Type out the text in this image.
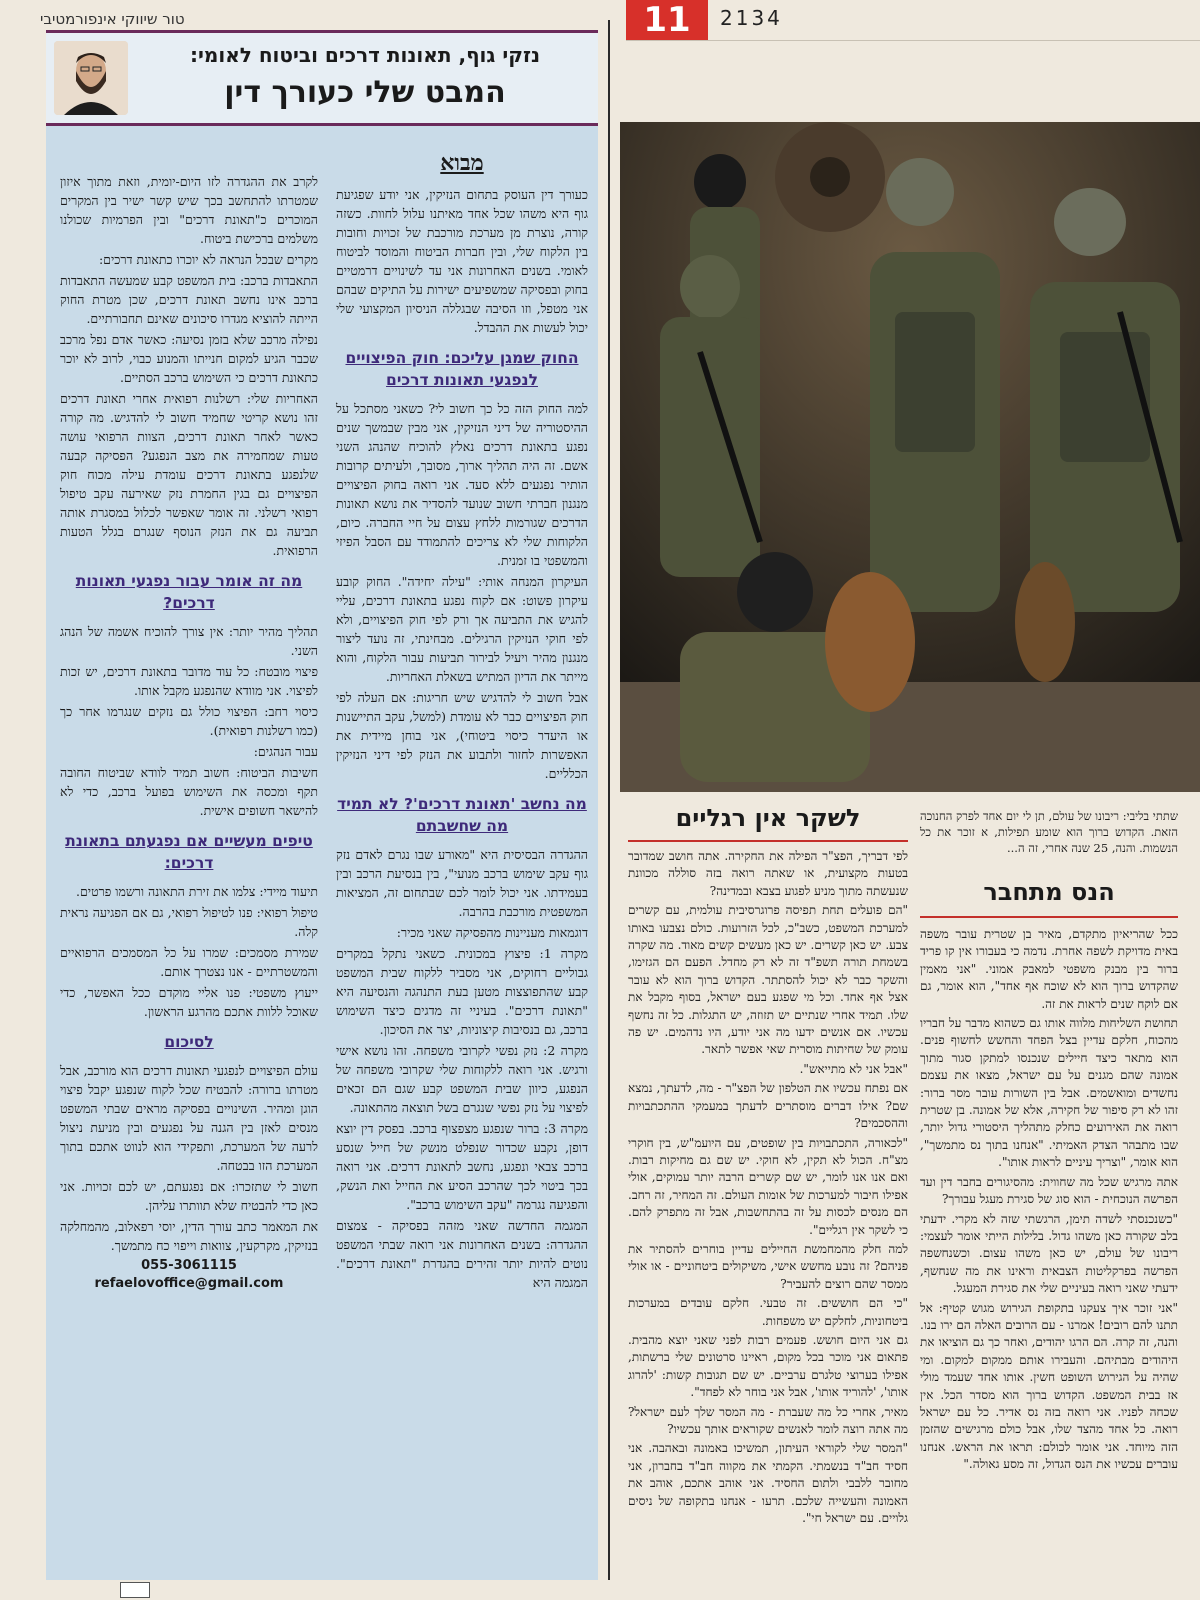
טור שיווקי אינפורמטיבי	11	2134
נזקי גוף, תאונות דרכים וביטוח לאומי:
המבט שלי כעורך דין
מבוא

כעורך דין העוסק בתחום הנזיקין, אני יודע שפגיעת גוף היא משהו שכל אחד מאיתנו עלול לחוות. כשזה קורה, נוצרת מן מערכת מורכבת של זכויות וחובות בין הלקוח שלי, ובין חברות הביטוח והמוסד לביטוח לאומי. בשנים האחרונות אני עד לשינויים דרמטיים בחוק ובפסיקה שמשפיעים ישירות על התיקים שבהם אני מטפל, וזו הסיבה שבגללה הניסיון המקצועי שלי יכול לעשות את ההבדל.

החוק שמגן עליכם: חוק הפיצויים לנפגעי תאונות דרכים

למה החוק הזה כל כך חשוב לי? כשאני מסתכל על ההיסטוריה של דיני הנזיקין, אני מבין שבמשך שנים נפגע בתאונת דרכים נאלץ להוכיח שהנהג השני אשם. זה היה תהליך ארוך, מסובך, ולעיתים קרובות הותיר נפגעים ללא סעד. אני רואה בחוק הפיצויים מנגנון חברתי חשוב שנועד להסדיר את נושא תאונות הדרכים שגורמות ללחץ עצום על חיי החברה. כיום, הלקוחות שלי לא צריכים להתמודד עם הסבל הפיזי והמשפטי בו זמנית.

העיקרון המנחה אותי: "עילה יחידה". החוק קובע עיקרון פשוט: אם לקוח נפגע בתאונת דרכים, עליי להגיש את התביעה אך ורק לפי חוק הפיצויים, ולא לפי חוקי הנזיקין הרגילים. מבחינתי, זה נועד ליצור מנגנון מהיר ויעיל לבירור תביעות עבור הלקוח, והוא מייתר את הדיון המתיש בשאלת האחריות.

אבל חשוב לי להדגיש שיש חריגות: אם העלה לפי חוק הפיצויים כבר לא עומדת (למשל, עקב התיישנות או היעדר כיסוי ביטוחי), אני בוחן מיידית את האפשרות לחזור ולתבוע את הנזק לפי דיני הנזיקין הכלליים.

מה נחשב 'תאונת דרכים'? לא תמיד מה שחשבתם

ההגדרה הבסיסית היא "מאורע שבו נגרם לאדם נזק גוף עקב שימוש ברכב מנועי", בין בנסיעת הרכב ובין בעמידתו. אני יכול לומר לכם שבתחום זה, המציאות המשפטית מורכבת בהרבה.

דוגמאות מעניינות מהפסיקה שאני מכיר:

מקרה 1: פיצוץ במכונית. כשאני נתקל במקרים גבוליים רחוקים, אני מסביר ללקוח שבית המשפט קבע שהתפוצצות מטען בעת התנהגה והנסיעה היא "תאונת דרכים". בעיניי זה מדגים כיצד השימוש ברכב, גם בנסיבות קיצוניות, יצר את הסיכון.

מקרה 2: נזק נפשי לקרובי משפחה. זהו נושא אישי ורגיש. אני רואה ללקוחות שלי שקרובי משפחה של הנפגע, כיוון שבית המשפט קבע שגם הם זכאים לפיצוי על נזק נפשי שנגרם בשל תוצאה מהתאונה.

מקרה 3: ברור שנפגע מצפצוף ברכב. בפסק דין יוצא דופן, נקבע שכדור שנפלט מנשק של חייל שנסע ברכב צבאי ונפגע, נחשב לתאונת דרכים. אני רואה בכך ביטוי לכך שהרכב הסיע את החייל ואת הנשק, והפגיעה נגרמה "עקב השימוש ברכב".

המגמה החדשה שאני מזהה בפסיקה - צמצום ההגדרה: בשנים האחרונות אני רואה שבתי המשפט נוטים להיות יותר זהירים בהגדרת "תאונת דרכים". המגמה היא

לקרב את ההגדרה לזו היום-יומית, וזאת מתוך איזון שמטרתו להתחשב בכך שיש קשר ישיר בין המקרים המוכרים כ"תאונת דרכים" ובין הפרמיות שכולנו משלמים ברכישת ביטוח.

מקרים שבכל הנראה לא יוכרו כתאונת דרכים:

התאבדות ברכב: בית המשפט קבע שמעשה התאבדות ברכב אינו נחשב תאונת דרכים, שכן מטרת החוק הייתה להוציא מגדרו סיכונים שאינם תחבורתיים.

נפילה מרכב שלא בזמן נסיעה: כאשר אדם נפל מרכב שכבר הגיע למקום חנייתו והמנוע כבוי, לרוב לא יוכר כתאונת דרכים כי השימוש ברכב הסתיים.

האחריות שלי: רשלנות רפואית אחרי תאונת דרכים זהו נושא קריטי שחמיד חשוב לי להדגיש. מה קורה כאשר לאחר תאונת דרכים, הצוות הרפואי עושה טעות שמחמירה את מצב הנפגע? הפסיקה קבעה שלנפגע בתאונת דרכים עומדת עילה מכוח חוק הפיצויים גם בגין החמרת נזק שאירעה עקב טיפול רפואי רשלני. זה אומר שאפשר לכלול במסגרת אותה תביעה גם את הנזק הנוסף שנגרם בגלל הטעות הרפואית.

מה זה אומר עבור נפגעי תאונות דרכים?

תהליך מהיר יותר: אין צורך להוכיח אשמה של הנהג השני.

פיצוי מובטח: כל עוד מדובר בתאונת דרכים, יש זכות לפיצוי. אני מוודא שהנפגע מקבל אותו.

כיסוי רחב: הפיצוי כולל גם נזקים שנגרמו אחר כך (כמו רשלנות רפואית).

עבור הנהגים:

חשיבות הביטוח: חשוב תמיד לוודא שביטוח החובה תקף ומכסה את השימוש בפועל ברכב, כדי לא להישאר חשופים אישית.

טיפים מעשיים אם נפגעתם בתאונת דרכים:

תיעוד מיידי: צלמו את זירת התאונה ורשמו פרטים.

טיפול רפואי: פנו לטיפול רפואי, גם אם הפגיעה נראית קלה.

שמירת מסמכים: שמרו על כל המסמכים הרפואיים והמשטרתיים - אנו נצטרך אותם.

ייעוץ משפטי: פנו אליי מוקדם ככל האפשר, כדי שאוכל ללוות אתכם מהרגע הראשון.

לסיכום

עולם הפיצויים לנפגעי תאונות דרכים הוא מורכב, אבל מטרתו ברורה: להבטיח שכל לקוח שנפגע יקבל פיצוי הוגן ומהיר. השינויים בפסיקה מראים שבתי המשפט מנסים לאזן בין הגנה על נפגעים ובין מניעת ניצול לרעה של המערכת, ותפקידי הוא לנווט אתכם בתוך המערכת הזו בבטחה.

חשוב לי שתזכרו: אם נפגעתם, יש לכם זכויות. אני כאן כדי להבטיח שלא תוותרו עליהן.

את המאמר כתב עורך הדין, יוסי רפאלוב, מהמחלקה בנזיקין, מקרקעין, צוואות וייפוי כח מתמשך.

055-3061115
refaelovoffice@gmail.com

שתתי בליבי: ריבונו של עולם, תן לי יום אחד לפרק החנוכה הזאת. הקדוש ברוך הוא שומע תפילות, א זוכר את כל הנשמות. והנה, 25 שנה אחרי, זה ה...

הנס מתחבר

ככל שהריאיון מתקדם, מאיר בן שטרית עובר משפה באית מדויקת לשפה אחרת. נדמה כי בעבורו אין קו פריד ברור בין מבנק משפטי למאבק אמוני. "אני מאמין שהקדוש ברוך הוא לא שוכח אף אחד", הוא אומר, גם אם לוקח שנים לראות את זה.

תחושת השליחות מלווה אותו גם כשהוא מדבר על חבריו מהכוח, חלקם עדיין בצל הפחד והחשש לחשוף פנים. הוא מתאר כיצד חיילים שנכנסו למתקן סגור מתוך אמונה שהם מגנים על עם ישראל, מצאו את עצמם נחשדים ומואשמים. אבל בין השורות עובר מסר ברור: זהו לא רק סיפור של חקירה, אלא של אמונה. בן שטרית רואה את האירועים כחלק מתהליך היסטורי גדול יותר, שבו מתבהר הצדק האמיתי. "אנחנו בתוך נס מתמשך", הוא אומר, "וצריך עיניים לראות אותו".

אתה מרגיש שכל מה שחווית: מהסיגורים בחבר דין ועד הפרשה הנוכחית - הוא סוג של סגירת מעגל עבורך?

"כשנכנסתי לשדה תימן, הרגשתי שזה לא מקרי. ידעתי בלב שקורה כאן משהו גדול. בלילות הייתי אומר לעצמי: ריבונו של עולם, יש כאן משהו עצום. וכשנחשפה הפרשה בפרקליטות הצבאית וראינו את מה שנחשף, ידעתי שאני רואה בעיניים שלי את סגירת המעגל.

"אני זוכר איך צעקנו בתקופת הגירוש מגוש קטיף: אל תתנו להם רובים! אמרנו - עם הרובים האלה הם ירו בנו. והנה, זה קרה. הם הרגו יהודים, ואחר כך גם הוציאו את היהודים מבתיהם. והעבירו אותם ממקום למקום. ומי שהיה על הגירוש השופט חשין. אותו אחד שעמד מולי אז בבית המשפט. הקדוש ברוך הוא מסדר הכל. אין שכחה לפניו. אני רואה בזה נס אדיר. כל עם ישראל רואה. כל אחד מהצד שלו, אבל כולם מרגישים שהזמן הזה מיוחד. אני אומר לכולם: תראו את הראש. אנחנו עוברים עכשיו את הנס הגדול, זה מסע גאולה."

לשקר אין רגליים

לפי דבריך, הפצ"ר הפילה את החקירה. אתה חושב שמדובר בטעות מקצועית, או שאתה רואה בזה סוללה מכוונת שנעשתה מתוך מניע לפגוע בצבא ובמדינה?

"הם פועלים תחת תפיסה פרוגרסיבית עולמית, עם קשרים למערכת המשפט, כשב"כ, לכל הזרועות. כולם נצבעו באותו צבע. יש כאן קשרים. יש כאן מעשים קשים מאוד. מה שקרה בשמחת תורה תשפ"ד זה לא רק מחדל. הפעם הם הגזימו, והשקר כבר לא יכול להסתתר. הקדוש ברוך הוא לא עובר אצל אף אחד. וכל מי שפגע בעם ישראל, בסוף מקבל את שלו. תמיד אחרי שנתיים יש תזוזה, יש התגלות. כל זה נחשף עכשיו. אם אנשים ידעו מה אני יודע, היו נדהמים. יש פה עומק של שחיתות מוסרית שאי אפשר לתאר.

"אבל אני לא מתייאש".

אם נפתח עכשיו את הטלפון של הפצ"ר - מה, לדעתך, נמצא שם? אילו דברים מוסתרים לדעתך במעמקי ההתכתבויות וההסכמים?

"לכאורה, התכתבויות בין שופטים, עם היועמ"ש, בין חוקרי מצ"ח. הכול לא תקין, לא חוקי. יש שם גם מחיקות רבות. ואם אנו אנו לומר, יש שם קשרים הרבה יותר עמוקים, אולי אפילו חיבור למערכות של אומות העולם. זה המחיר, זה רחב. הם מנסים לכסות על זה בהתחשבות, אבל זה מתפרק להם. כי לשקר אין רגליים".

למה חלק מהמחמשת החיילים עדיין בוחרים להסתיר את פניהם? זה נובע מחשש אישי, משיקולים ביטחוניים - או אולי ממסר שהם רוצים להעביר?

"כי הם חוששים. זה טבעי. חלקם עובדים במערכות ביטחוניות, לחלקם יש משפחות.

גם אני היום חושש. פעמים רבות לפני שאני יוצא מהבית. פתאום אני מוכר בכל מקום, ראיינו סרטונים שלי ברשתות, אפילו בערוצי טלגרם ערביים. יש שם תגובות קשות: 'להרוג אותו', 'להוריד אותו', אבל אני בוחר לא לפחד".

מאיר, אחרי כל מה שעברת - מה המסר שלך לעם ישראל? מה אתה רוצה לומר לאנשים שקוראים אותך עכשיו?

"המסר שלי לקוראי העיתון, תמשיכו באמונה ובאהבה. אני חסיד חב"ד בנשמתי. הקמתי את מקווה חב"ד בחברון, אני מחובר ללבבי ולתום החסיד. אני אוהב אתכם, אוהב את האמונה והעשייה שלכם. תרעו - אנחנו בתקופה של ניסים גלויים. עם ישראל חי".
